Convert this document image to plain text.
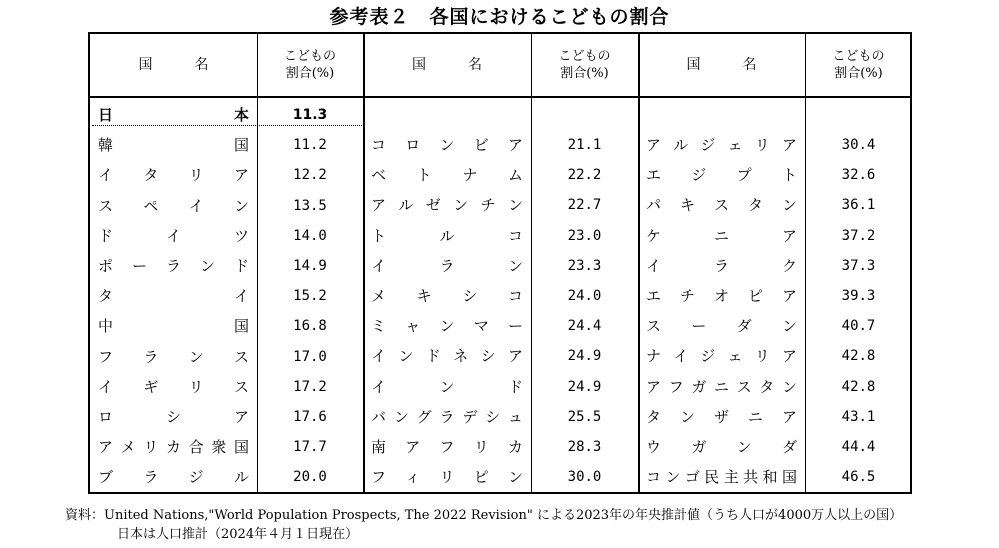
参考表２　各国におけるこどもの割合
国	名	こどもの
割合(%)
日	本	11.3
韓	国	11.2
イ タ リ ア	12.2
ス ペ イ ン	13.5
ド	イ	ツ	14.0
ポ ー ラ ン ド	14.9
タ	イ	15.2
中	国	16.8
フ ラ ン ス	17.0
イ ギ リ ス	17.2
ロ	シ	ア	17.6
ア メ リ カ 合 衆 国	17.7
ブ ラ ジ ル	20.0
国	名	こどもの
割合(%)
コ ロ ン ビ ア	21.1
ベ ト ナ ム	22.2
ア ル ゼ ン チ ン	22.7
ト	ル	コ	23.0
イ	ラ	ン	23.3
メ キ シ コ	24.0
ミ ャ ン マ ー	24.4
イ ン ド ネ シ ア	24.9
イ	ン	ド	24.9
バ ン グ ラ デ シ ュ	25.5
南 ア フ リ カ	28.3
フ ィ リ ピ ン	30.0
国	名	こどもの
割合(%)
ア ル ジ ェ リ ア	30.4
エ ジ プ ト	32.6
パ キ ス タ ン	36.1
ケ	ニ	ア	37.2
イ	ラ	ク	37.3
エ チ オ ピ ア	39.3
ス ー ダ ン	40.7
ナ イ ジ ェ リ ア	42.8
ア フ ガ ニ ス タ ン	42.8
タ ン ザ ニ ア	43.1
ウ ガ ン ダ	44.4
コ ン ゴ 民 主 共 和 国	46.5
資料：United Nations,"World Population Prospects, The 2022 Revision" による2023年の年央推計値（うち人口が4000万人以上の国）
日本は人口推計（2024年４月１日現在）
